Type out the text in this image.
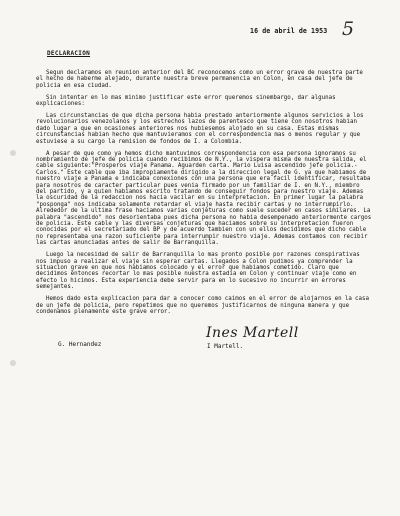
16 de abril de 1953 5
DECLARACION

Segun declaramos en reunion anterior del BC reconocemos como un error grave de nuestra parte el hecho de haberme alejado, durante nuestra breve permanencia en Colon, en casa del jefe de policia en esa ciudad.

Sin intentar en lo mas minimo justificar este error queremos sinembargo, dar algunas explicaciones:

Las circunstancias de que dicha persona habia prestado anteriormente algunos servicios a los revolucionarios venezolanos y los estrechos lazos de parentesco que tiene con nosotros habian dado lugar a que en ocasiones anteriores nos hubiesemos alojado en su casa. Estas mismas circunstancias habian hecho que mantuvieramos con el correspondencia mas o menos regular y que estuviese a su cargo la remision de fondos de I. a Colombia.

A pesar de que como ya hemos dicho mantuvimos correspondencia con esa persona ignoramos su nombramiento de jefe de policia cuando recibimos de N.Y., la vispera misma de nuestra salida, el cable siguiente:"Prosperos viaje Panama. Aguarden carta. Mario Luisa ascendido jefe policia.-Carlos." Este cable que iba impropiamente dirigido a la direccion legal de G. ya que habiamos de nuestro viaje a Panama e indicaba conexiones con una persona que era facil identificar, resultaba para nosotros de caracter particular pues venia firmado por un familiar de I. en N.Y., miembro del partido, y a quien habiamos escrito tratando de conseguir fondos para nuestro viaje. Ademas la oscuridad de la redaccion nos hacia vacilar en su interpretacion. En primer lugar la palabra "posponga" nos indicaba solamente retardar el viaje hasta recibir cartas y no interrumpirlo. Alrededor de la ultima frase haciamos varias conjeturas como suele suceder en casos similares. La palabra "ascendido" nos desorientaba pues dicha persona no habia desempenado anteriormente cargos de policia. Este cable y las diversas conjeturas que haciamos sobre su interpretacion fueron conocidas por el secretariado del BP y de acuerdo tambien con un ellos decidimos que dicho cable no representaba una razon suficiente para interrumpir nuestro viaje. Ademas contamos con recibir las cartas anunciadas antes de salir de Barranquilla.

Luego la necesidad de salir de Barranquilla lo mas pronto posible por razones conspirativas nos impuso a realizar el viaje sin esperar cartas. Llegados a Colon pudimos ya comprender la situacion grave en que nos habiamos colocado y el error que habiamos cometido. Claro que decidimos entonces recortar lo mas posible nuestra estadia en Colon y continuar viaje como en efecto lo hicimos. Esta experiencia debe servir para en lo sucesivo no incurrir en errores semejantes.

Hemos dado esta explicacion para dar a conocer como caimos en el error de alojarnos en la casa de un jefe de policia, pero repetimos que no queremos justificarnos de ninguna manera y que condenamos plenamente este grave error.

Ines Martell
G. Hernandez	I Martell.
